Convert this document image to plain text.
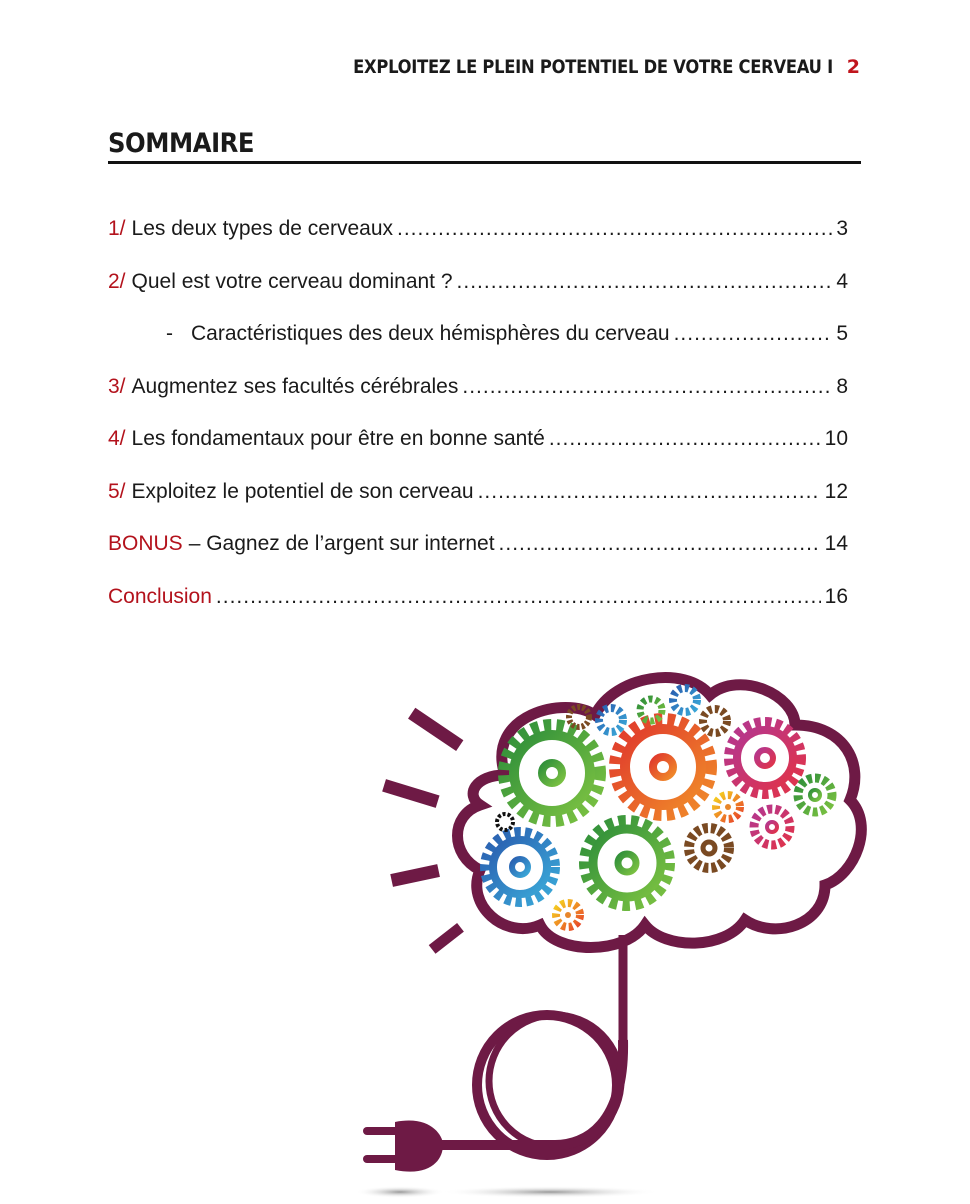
EXPLOITEZ LE PLEIN POTENTIEL DE VOTRE CERVEAU I 2
SOMMAIRE
1/ Les deux types de cerveaux .....	3
2/ Quel est votre cerveau dominant ? .....	4
- Caractéristiques des deux hémisphères du cerveau .....	5
3/ Augmentez ses facultés cérébrales .....	8
4/ Les fondamentaux pour être en bonne santé .....	10
5/ Exploitez le potentiel de son cerveau .....	12
BONUS – Gagnez de l’argent sur internet .....	14
Conclusion .....	16
